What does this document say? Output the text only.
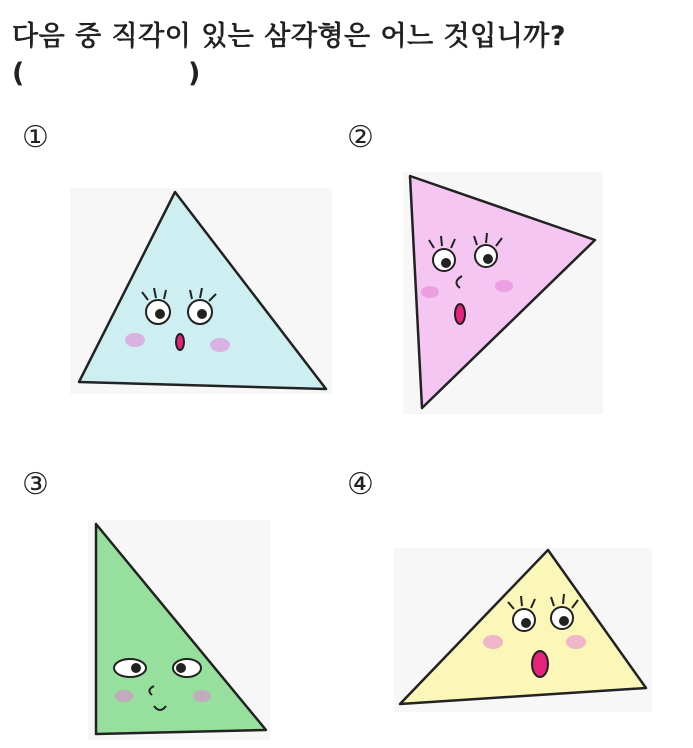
다음 중 직각이 있는 삼각형은 어느 것입니까?
(	)
①	②
③	④
